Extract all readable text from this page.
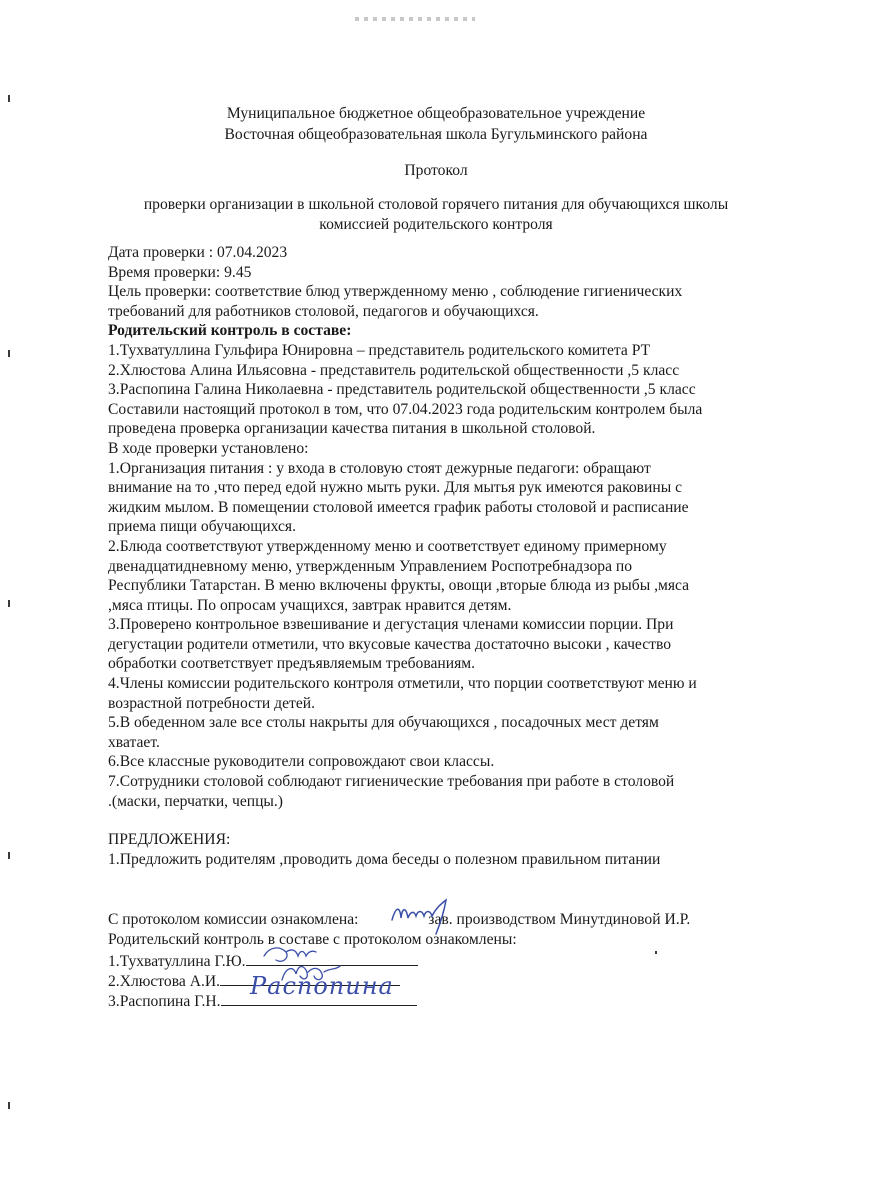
Муниципальное бюджетное общеобразовательное учреждение
Восточная общеобразовательная школа Бугульминского района
Протокол
проверки организации в школьной столовой горячего питания для обучающихся школы
комиссией родительского контроля
Дата проверки : 07.04.2023
Время проверки: 9.45
Цель проверки: соответствие блюд утвержденному меню , соблюдение гигиенических
требований для работников столовой, педагогов и обучающихся.
Родительский контроль в составе:
1.Тухватуллина Гульфира Юнировна – представитель родительского комитета РТ
2.Хлюстова Алина Ильясовна - представитель родительской общественности ,5 класс
3.Распопина Галина Николаевна - представитель родительской общественности ,5 класс
Составили настоящий протокол в том, что 07.04.2023 года родительским контролем была
проведена проверка организации качества питания в школьной столовой.
В ходе проверки установлено:
1.Организация питания : у входа в столовую стоят дежурные педагоги: обращают
внимание на то ,что перед едой нужно мыть руки. Для мытья рук имеются раковины с
жидким мылом. В помещении столовой имеется график работы столовой и расписание
приема пищи обучающихся.
2.Блюда соответствуют утвержденному меню и соответствует единому примерному
двенадцатидневному меню, утвержденным Управлением Роспотребнадзора по
Республики Татарстан. В меню включены фрукты, овощи ,вторые блюда из рыбы ,мяса
,мяса птицы. По опросам учащихся, завтрак нравится детям.
3.Проверено контрольное взвешивание и дегустация членами комиссии порции. При
дегустации родители отметили, что вкусовые качества достаточно высоки , качество
обработки соответствует предъявляемым требованиям.
4.Члены комиссии родительского контроля отметили, что порции соответствуют меню и
возрастной потребности детей.
5.В обеденном зале все столы накрыты для обучающихся , посадочных мест детям
хватает.
6.Все классные руководители сопровождают свои классы.
7.Сотрудники столовой соблюдают гигиенические требования при работе в столовой
.(маски, перчатки, чепцы.)
ПРЕДЛОЖЕНИЯ:
1.Предложить родителям ,проводить дома беседы о полезном правильном питании
С протоколом комиссии ознакомлена:	зав. производством Минутдиновой И.Р.
Родительский контроль в составе с протоколом ознакомлены:
1.Тухватуллина Г.Ю.
2.Хлюстова А.И.
3.Распопина Г.Н.
Распопина
